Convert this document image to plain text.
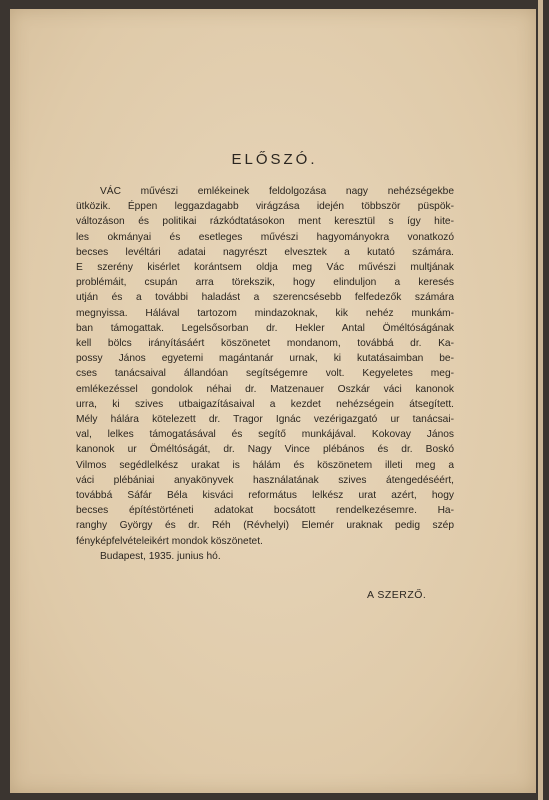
ELŐSZÓ.
VÁC művészi emlékeinek feldolgozása nagy nehézségekbe
ütközik. Éppen leggazdagabb virágzása idején többször püspök-
változáson és politikai rázkódtatásokon ment keresztül s így hite-
les okmányai és esetleges művészi hagyományokra vonatkozó
becses levéltári adatai nagyrészt elvesztek a kutató számára.
E szerény kisérlet korántsem oldja meg Vác művészi multjának
problémáit, csupán arra törekszik, hogy elinduljon a keresés
utján és a további haladást a szerencsésebb felfedezők számára
megnyissa. Hálával tartozom mindazoknak, kik nehéz munkám-
ban támogattak. Legelsősorban dr. Hekler Antal Öméltóságának
kell bölcs irányításáért köszönetet mondanom, továbbá dr. Ka-
possy János egyetemi magántanár urnak, ki kutatásaimban be-
cses tanácsaival állandóan segítségemre volt. Kegyeletes meg-
emlékezéssel gondolok néhai dr. Matzenauer Oszkár váci kanonok
urra, ki szives utbaigazításaival a kezdet nehézségein átsegített.
Mély hálára kötelezett dr. Tragor Ignác vezérigazgató ur tanácsai-
val, lelkes támogatásával és segítő munkájával. Kokovay János
kanonok ur Öméltóságát, dr. Nagy Vince plébános és dr. Boskó
Vilmos segédlelkész urakat is hálám és köszönetem illeti meg a
váci plébániai anyakönyvek használatának szives átengedéséért,
továbbá Sáfár Béla kisváci református lelkész urat azért, hogy
becses építéstörténeti adatokat bocsátott rendelkezésemre. Ha-
ranghy György és dr. Réh (Révhelyi) Elemér uraknak pedig szép
fényképfelvételeikért mondok köszönetet.
Budapest, 1935. junius hó.
A SZERZŐ.
